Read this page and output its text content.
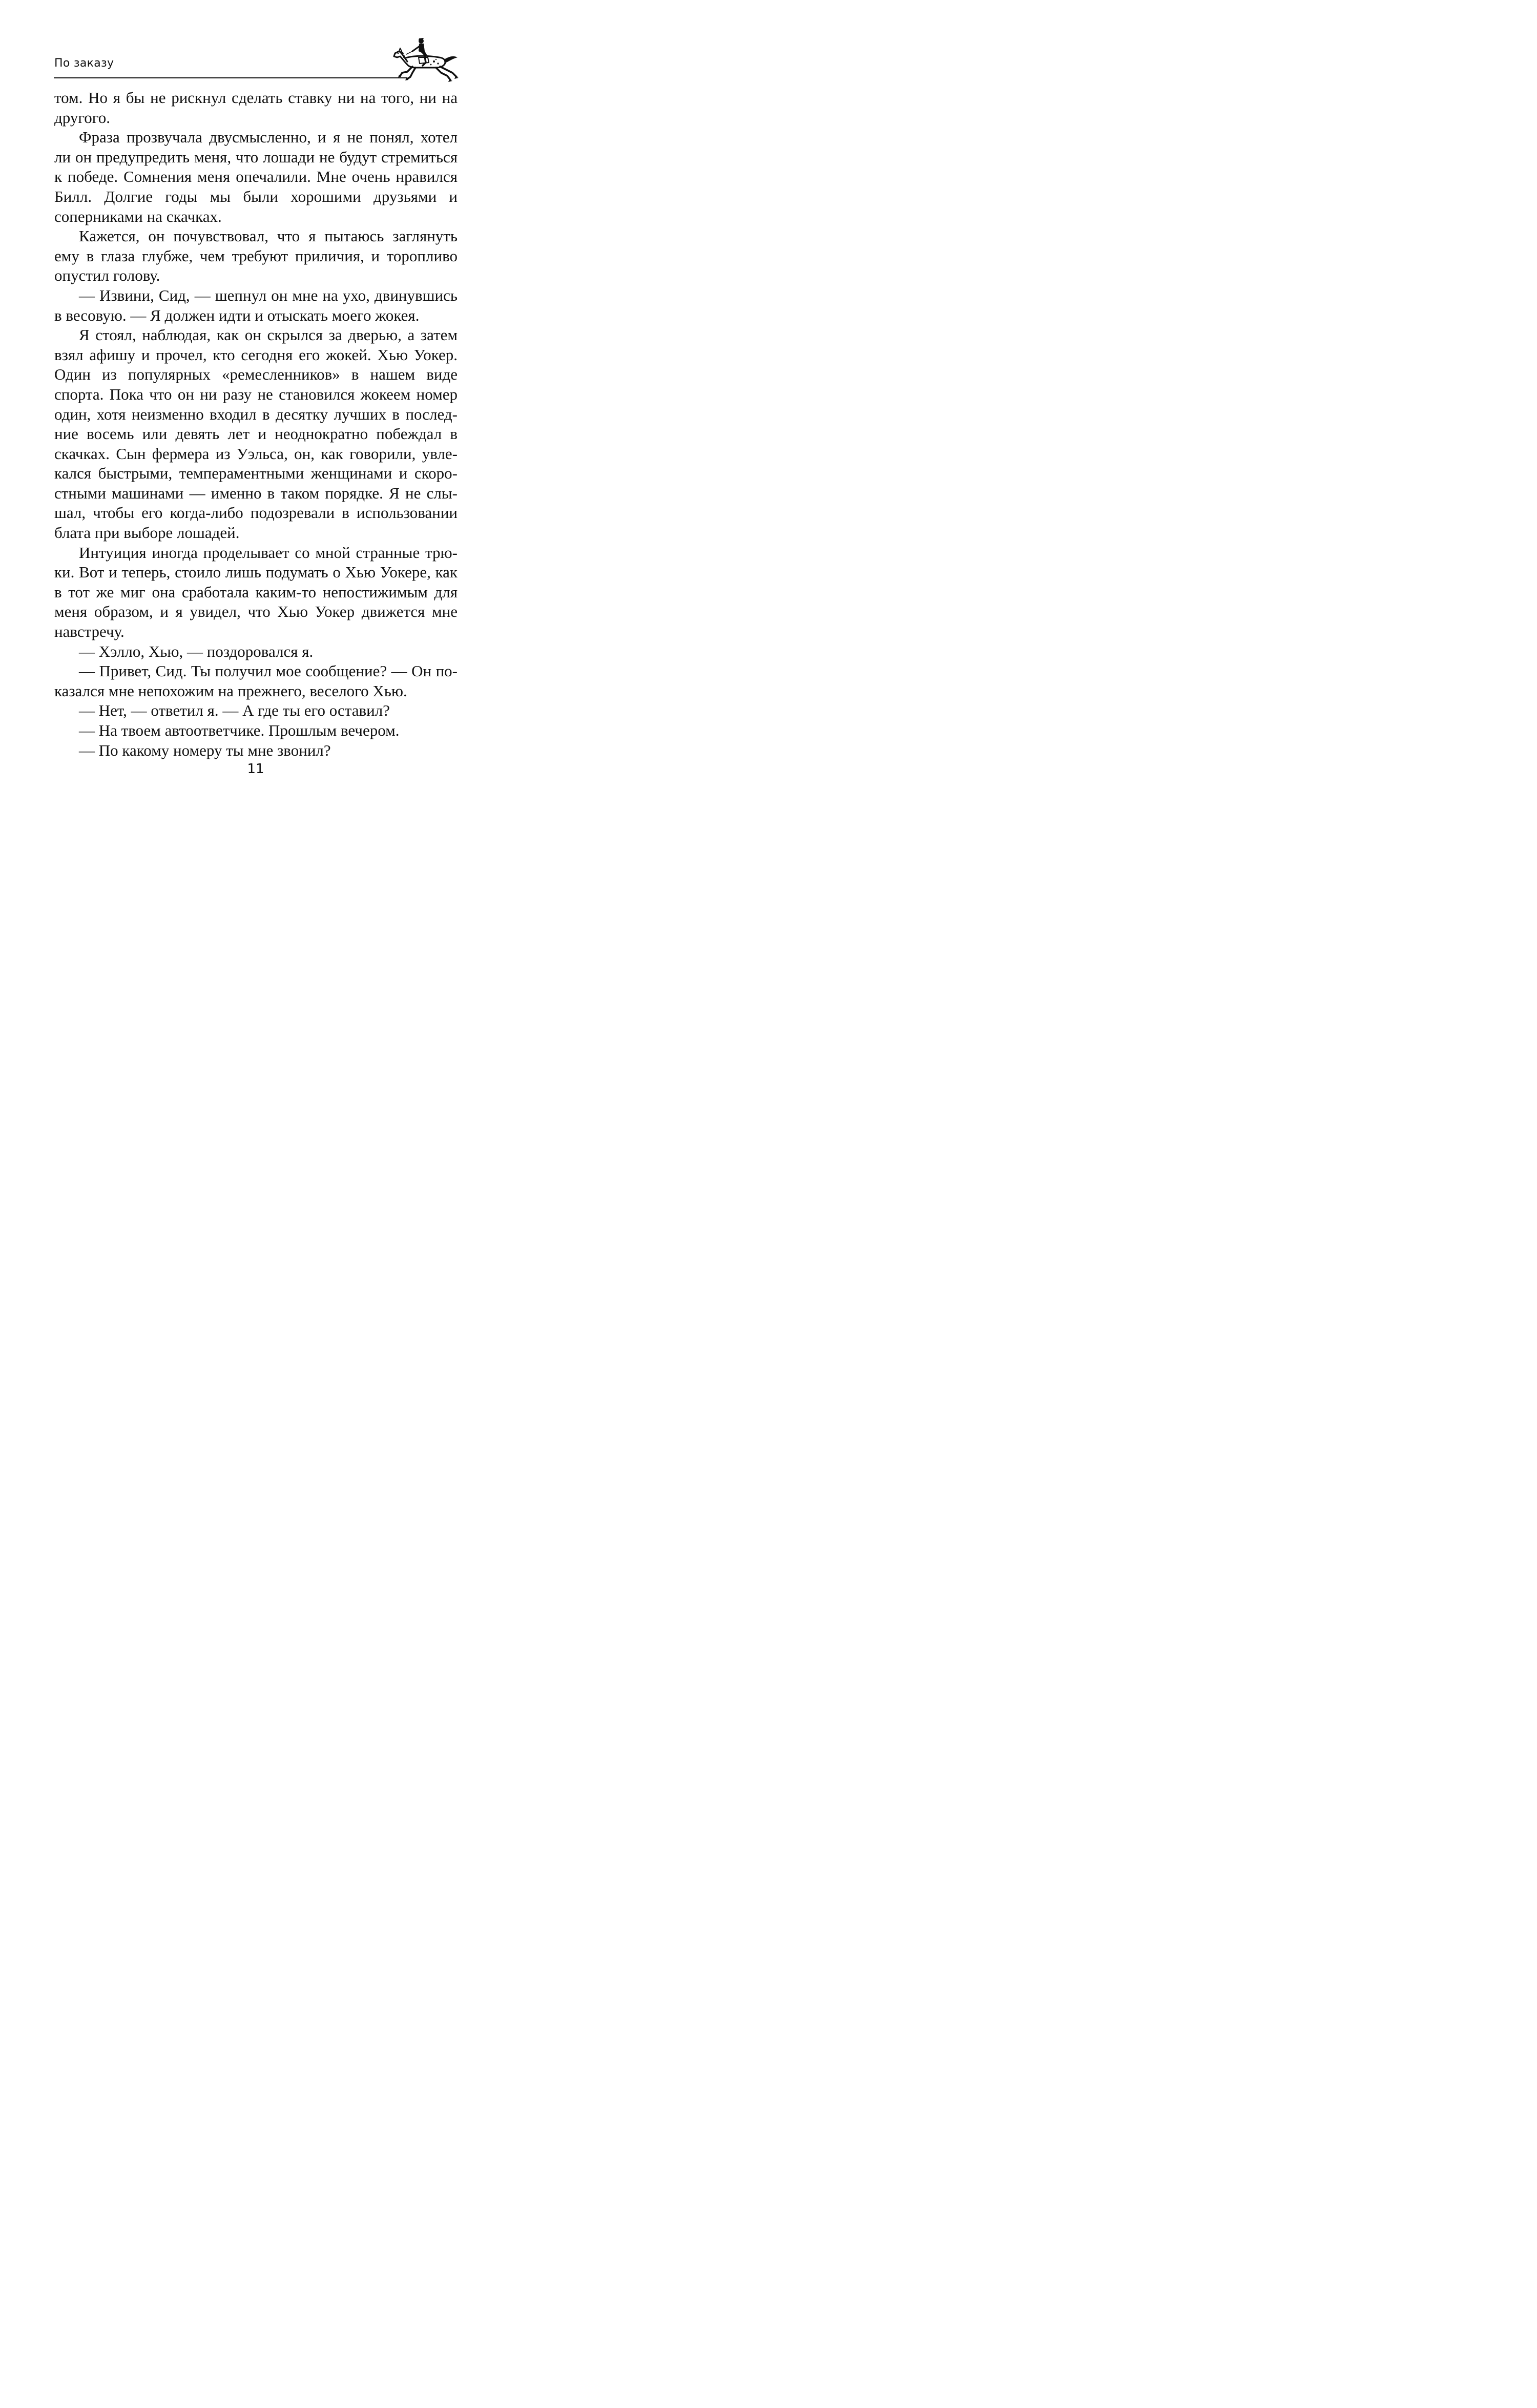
По заказу

том. Но я бы не рискнул сделать ставку ни на того, ни на другого.

Фраза прозвучала двусмысленно, и я не понял, хотел ли он предупредить меня, что лошади не будут стремиться к победе. Сомнения меня опечалили. Мне очень нравился Билл. Долгие годы мы были хорошими друзьями и соперниками на скачках.

Кажется, он почувствовал, что я пытаюсь заглянуть ему в глаза глубже, чем требуют приличия, и торопливо опустил голову.

— Извини, Сид, — шепнул он мне на ухо, двинувшись в весовую. — Я должен идти и отыскать моего жокея.

Я стоял, наблюдая, как он скрылся за дверью, а затем взял афишу и прочел, кто сегодня его жокей. Хью Уокер. Один из популярных «ремесленников» в нашем виде спорта. Пока что он ни разу не становился жокеем номер один, хотя неизменно входил в десятку лучших в последние восемь или девять лет и неоднократно побеждал в скачках. Сын фермера из Уэльса, он, как говорили, увлекался быстрыми, темпераментными женщинами и скоростными машинами — именно в таком порядке. Я не слышал, чтобы его когда-либо подозревали в использовании блата при выборе лошадей.

Интуиция иногда проделывает со мной странные трюки. Вот и теперь, стоило лишь подумать о Хью Уокере, как в тот же миг она сработала каким-то непостижимым для меня образом, и я увидел, что Хью Уокер движется мне навстречу.

— Хэлло, Хью, — поздоровался я.

— Привет, Сид. Ты получил мое сообщение? — Он показался мне непохожим на прежнего, веселого Хью.

— Нет, — ответил я. — А где ты его оставил?

— На твоем автоответчике. Прошлым вечером.

— По какому номеру ты мне звонил?

11
